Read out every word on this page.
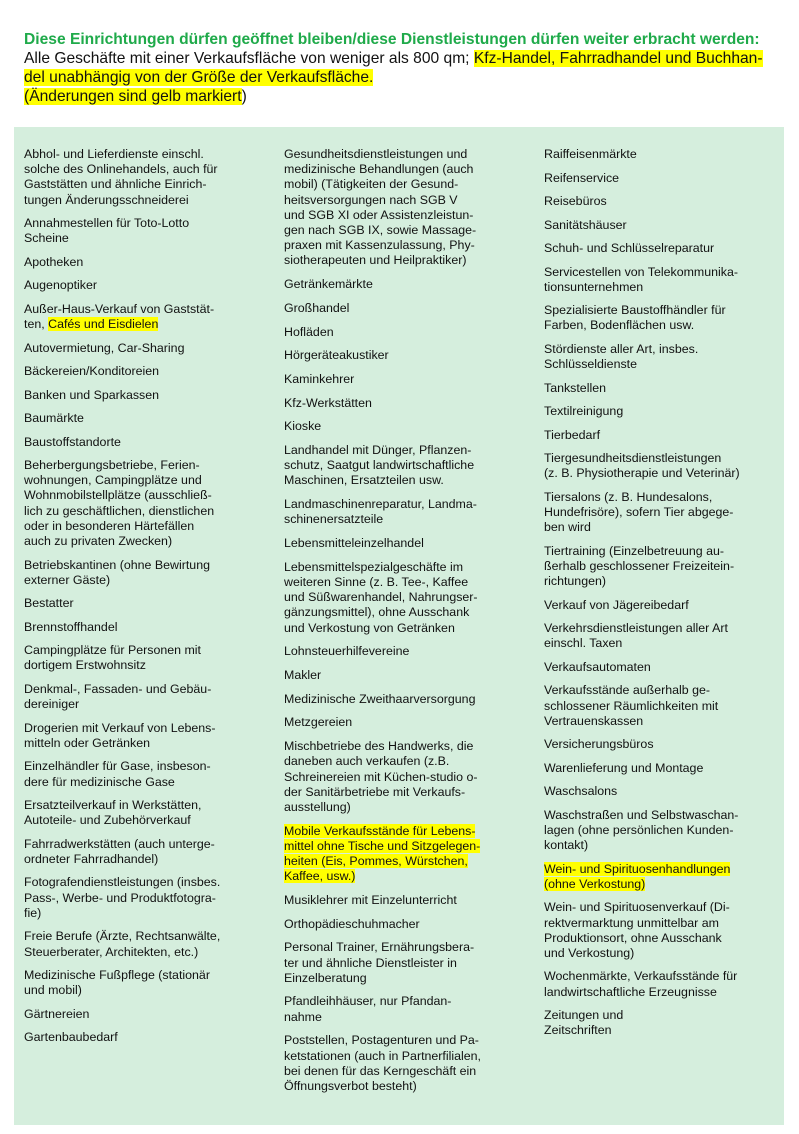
Diese Einrichtungen dürfen geöffnet bleiben/diese Dienstleistungen dürfen weiter erbracht werden:
Alle Geschäfte mit einer Verkaufsfläche von weniger als 800 qm; Kfz-Handel, Fahrradhandel und Buchhan-
del unabhängig von der Größe der Verkaufsfläche.
(Änderungen sind gelb markiert)
Abhol- und Lieferdienste einschl.
solche des Onlinehandels, auch für
Gaststätten und ähnliche Einrich-
tungen Änderungsschneiderei
Annahmestellen für Toto-Lotto
Scheine
Apotheken
Augenoptiker
Außer-Haus-Verkauf von Gaststät-
ten, Cafés und Eisdielen
Autovermietung, Car-Sharing
Bäckereien/Konditoreien
Banken und Sparkassen
Baumärkte
Baustoffstandorte
Beherbergungsbetriebe, Ferien-
wohnungen, Campingplätze und
Wohnmobilstellplätze (ausschließ-
lich zu geschäftlichen, dienstlichen
oder in besonderen Härtefällen
auch zu privaten Zwecken)
Betriebskantinen (ohne Bewirtung
externer Gäste)
Bestatter
Brennstoffhandel
Campingplätze für Personen mit
dortigem Erstwohnsitz
Denkmal-, Fassaden- und Gebäu-
dereiniger
Drogerien mit Verkauf von Lebens-
mitteln oder Getränken
Einzelhändler für Gase, insbeson-
dere für medizinische Gase
Ersatzteilverkauf in Werkstätten,
Autoteile- und Zubehörverkauf
Fahrradwerkstätten (auch unterge-
ordneter Fahrradhandel)
Fotografendienstleistungen (insbes.
Pass-, Werbe- und Produktfotogra-
fie)
Freie Berufe (Ärzte, Rechtsanwälte,
Steuerberater, Architekten, etc.)
Medizinische Fußpflege (stationär
und mobil)
Gärtnereien
Gartenbaubedarf
Gesundheitsdienstleistungen und
medizinische Behandlungen (auch
mobil) (Tätigkeiten der Gesund-
heitsversorgungen nach SGB V
und SGB XI oder Assistenzleistun-
gen nach SGB IX, sowie Massage-
praxen mit Kassenzulassung, Phy-
siotherapeuten und Heilpraktiker)
Getränkemärkte
Großhandel
Hofläden
Hörgeräteakustiker
Kaminkehrer
Kfz-Werkstätten
Kioske
Landhandel mit Dünger, Pflanzen-
schutz, Saatgut landwirtschaftliche
Maschinen, Ersatzteilen usw.
Landmaschinenreparatur, Landma-
schinenersatzteile
Lebensmitteleinzelhandel
Lebensmittelspezialgeschäfte im
weiteren Sinne (z. B. Tee-, Kaffee
und Süßwarenhandel, Nahrungser-
gänzungsmittel), ohne Ausschank
und Verkostung von Getränken
Lohnsteuerhilfevereine
Makler
Medizinische Zweithaarversorgung
Metzgereien
Mischbetriebe des Handwerks, die
daneben auch verkaufen (z.B.
Schreinereien mit Küchen-studio o-
der Sanitärbetriebe mit Verkaufs-
ausstellung)
Mobile Verkaufsstände für Lebens-
mittel ohne Tische und Sitzgelegen-
heiten (Eis, Pommes, Würstchen,
Kaffee, usw.)
Musiklehrer mit Einzelunterricht
Orthopädieschuhmacher
Personal Trainer, Ernährungsbera-
ter und ähnliche Dienstleister in
Einzelberatung
Pfandleihhäuser, nur Pfandan-
nahme
Poststellen, Postagenturen und Pa-
ketstationen (auch in Partnerfilialen,
bei denen für das Kerngeschäft ein
Öffnungsverbot besteht)
Raiffeisenmärkte
Reifenservice
Reisebüros
Sanitätshäuser
Schuh- und Schlüsselreparatur
Servicestellen von Telekommunika-
tionsunternehmen
Spezialisierte Baustoffhändler für
Farben, Bodenflächen usw.
Stördienste aller Art, insbes.
Schlüsseldienste
Tankstellen
Textilreinigung
Tierbedarf
Tiergesundheitsdienstleistungen
(z. B. Physiotherapie und Veterinär)
Tiersalons (z. B. Hundesalons,
Hundefrisöre), sofern Tier abgege-
ben wird
Tiertraining (Einzelbetreuung au-
ßerhalb geschlossener Freizeitein-
richtungen)
Verkauf von Jägereibedarf
Verkehrsdienstleistungen aller Art
einschl. Taxen
Verkaufsautomaten
Verkaufsstände außerhalb ge-
schlossener Räumlichkeiten mit
Vertrauenskassen
Versicherungsbüros
Warenlieferung und Montage
Waschsalons
Waschstraßen und Selbstwaschan-
lagen (ohne persönlichen Kunden-
kontakt)
Wein- und Spirituosenhandlungen
(ohne Verkostung)
Wein- und Spirituosenverkauf (Di-
rektvermarktung unmittelbar am
Produktionsort, ohne Ausschank
und Verkostung)
Wochenmärkte, Verkaufsstände für
landwirtschaftliche Erzeugnisse
Zeitungen und
Zeitschriften
